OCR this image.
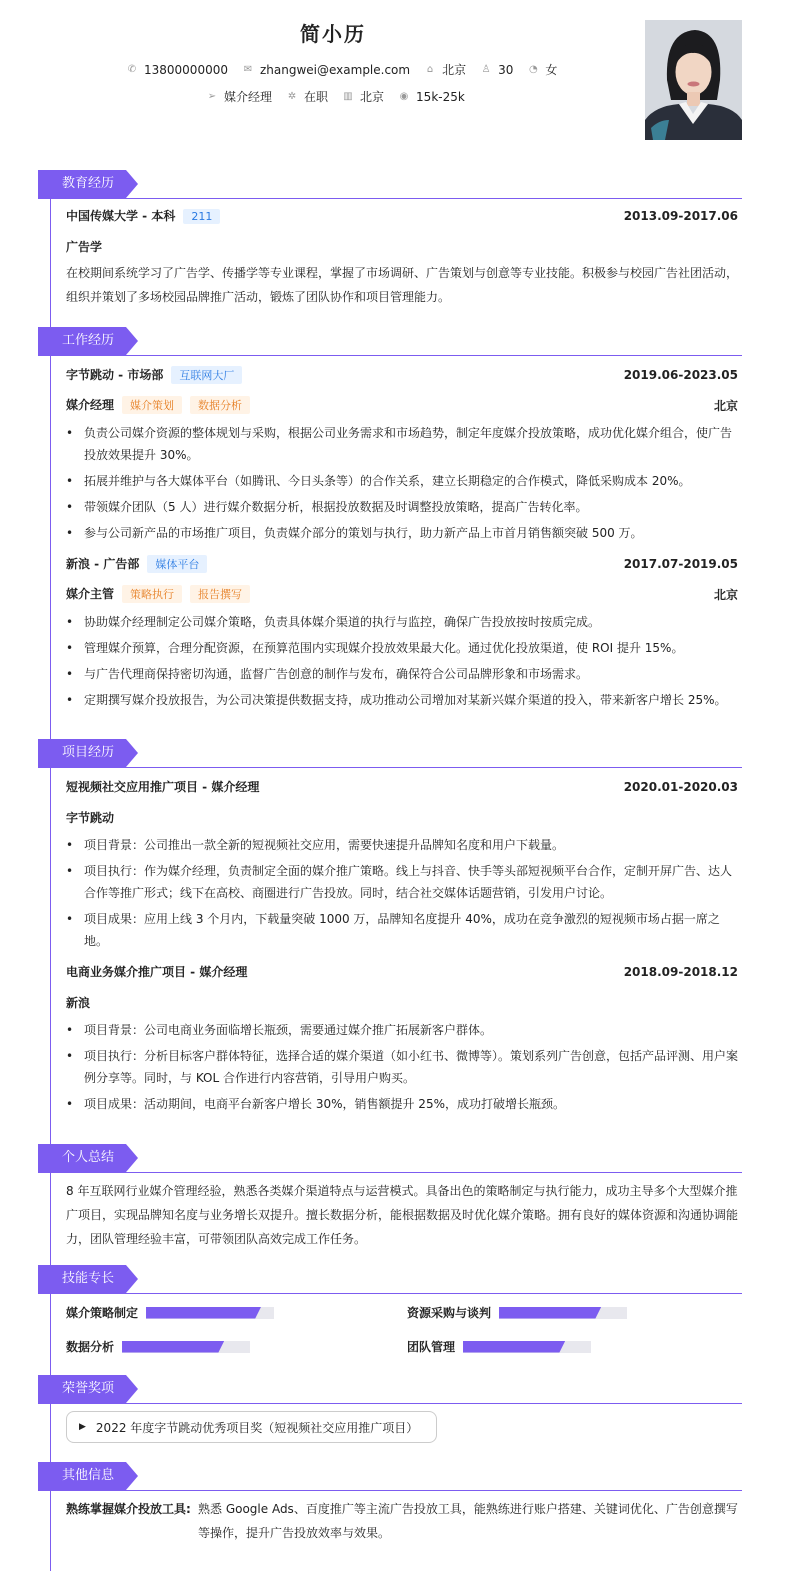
简小历
✆ 13800000000 ✉ zhangwei@example.com ⌂ 北京 ♙ 30 ◔ 女
➢ 媒介经理 ✲ 在职 ▥ 北京 ◉ 15k-25k
教育经历
中国传媒大学 - 本科 211	2013.09-2017.06
广告学
在校期间系统学习了广告学、传播学等专业课程，掌握了市场调研、广告策划与创意等专业技能。积极参与校园广告社团活动，组织并策划了多场校园品牌推广活动，锻炼了团队协作和项目管理能力。
工作经历
字节跳动 - 市场部 互联网大厂	2019.06-2023.05
媒介经理 媒介策划 数据分析	北京
• 负责公司媒介资源的整体规划与采购，根据公司业务需求和市场趋势，制定年度媒介投放策略，成功优化媒介组合，使广告投放效果提升 30%。
• 拓展并维护与各大媒体平台（如腾讯、今日头条等）的合作关系，建立长期稳定的合作模式，降低采购成本 20%。
• 带领媒介团队（5 人）进行媒介数据分析，根据投放数据及时调整投放策略，提高广告转化率。
• 参与公司新产品的市场推广项目，负责媒介部分的策划与执行，助力新产品上市首月销售额突破 500 万。
新浪 - 广告部 媒体平台	2017.07-2019.05
媒介主管 策略执行 报告撰写	北京
• 协助媒介经理制定公司媒介策略，负责具体媒介渠道的执行与监控，确保广告投放按时按质完成。
• 管理媒介预算，合理分配资源，在预算范围内实现媒介投放效果最大化。通过优化投放渠道，使 ROI 提升 15%。
• 与广告代理商保持密切沟通，监督广告创意的制作与发布，确保符合公司品牌形象和市场需求。
• 定期撰写媒介投放报告，为公司决策提供数据支持，成功推动公司增加对某新兴媒介渠道的投入，带来新客户增长 25%。
项目经历
短视频社交应用推广项目 - 媒介经理	2020.01-2020.03
字节跳动
• 项目背景：公司推出一款全新的短视频社交应用，需要快速提升品牌知名度和用户下载量。
• 项目执行：作为媒介经理，负责制定全面的媒介推广策略。线上与抖音、快手等头部短视频平台合作，定制开屏广告、达人合作等推广形式；线下在高校、商圈进行广告投放。同时，结合社交媒体话题营销，引发用户讨论。
• 项目成果：应用上线 3 个月内，下载量突破 1000 万，品牌知名度提升 40%，成功在竞争激烈的短视频市场占据一席之地。
电商业务媒介推广项目 - 媒介经理	2018.09-2018.12
新浪
• 项目背景：公司电商业务面临增长瓶颈，需要通过媒介推广拓展新客户群体。
• 项目执行：分析目标客户群体特征，选择合适的媒介渠道（如小红书、微博等）。策划系列广告创意，包括产品评测、用户案例分享等。同时，与 KOL 合作进行内容营销，引导用户购买。
• 项目成果：活动期间，电商平台新客户增长 30%，销售额提升 25%，成功打破增长瓶颈。
个人总结
8 年互联网行业媒介管理经验，熟悉各类媒介渠道特点与运营模式。具备出色的策略制定与执行能力，成功主导多个大型媒介推广项目，实现品牌知名度与业务增长双提升。擅长数据分析，能根据数据及时优化媒介策略。拥有良好的媒体资源和沟通协调能力，团队管理经验丰富，可带领团队高效完成工作任务。
技能专长
媒介策略制定	资源采购与谈判
数据分析	团队管理
荣誉奖项
▶ 2022 年度字节跳动优秀项目奖（短视频社交应用推广项目）
其他信息
熟练掌握媒介投放工具: 熟悉 Google Ads、百度推广等主流广告投放工具，能熟练进行账户搭建、关键词优化、广告创意撰写等操作，提升广告投放效率与效果。
